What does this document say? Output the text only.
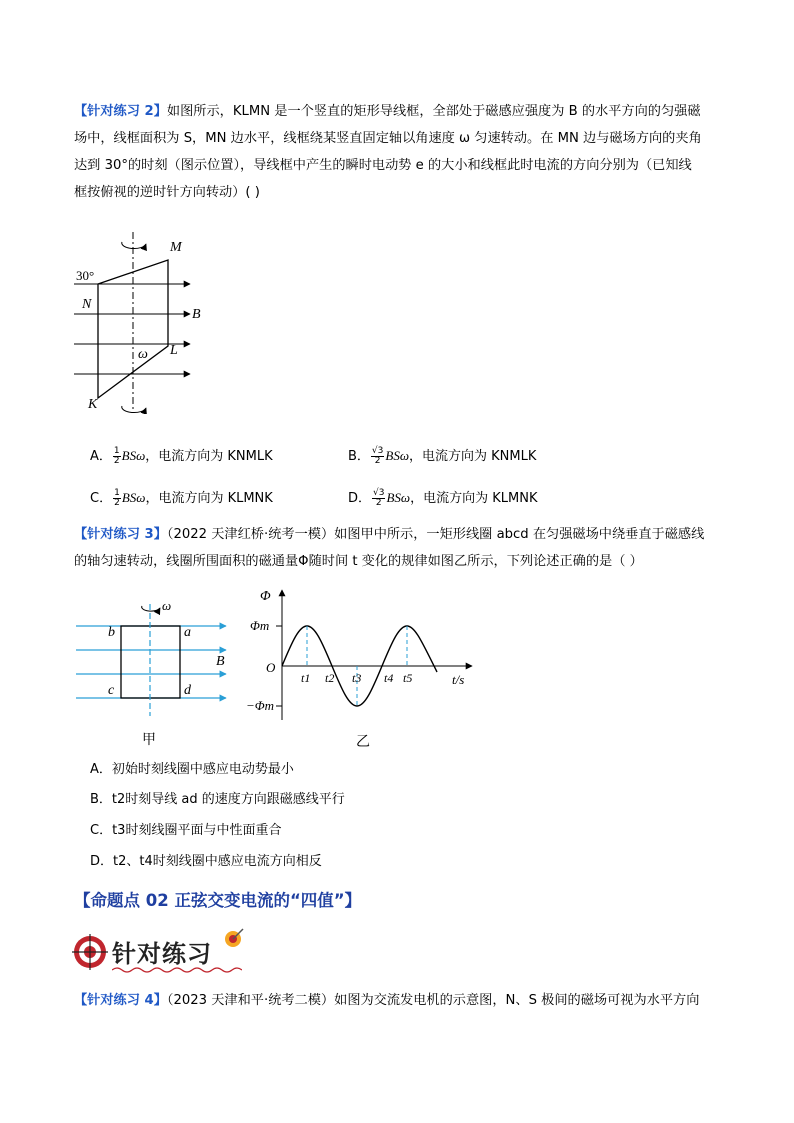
【针对练习 2】如图所示，KLMN 是一个竖直的矩形导线框，全部处于磁感应强度为 B 的水平方向的匀强磁
场中，线框面积为 S，MN 边水平，线框绕某竖直固定轴以角速度 ω 匀速转动。在 MN 边与磁场方向的夹角
达到 30°的时刻（图示位置），导线框中产生的瞬时电动势 e 的大小和线框此时电流的方向分别为（已知线
框按俯视的逆时针方向转动）( )
M
30°
N
B
ω L
K
A． $\frac{1}{2}$ BSω，电流方向为 KNMLK	B． $\frac{√3}{2}$ BSω，电流方向为 KNMLK
C． $\frac{1}{2}$ BSω，电流方向为 KLMNK	D． $\frac{√3}{2}$ BSω，电流方向为 KLMNK
【针对练习 3】（2022 天津红桥·统考一模）如图甲中所示，一矩形线圈 abcd 在匀强磁场中绕垂直于磁感线
的轴匀速转动，线圈所围面积的磁通量Φ随时间 t 变化的规律如图乙所示，下列论述正确的是（ ）
ω
b	a
B
c	d
甲
Φ
Φm
O
−Φm
t1 t2 t3 t4 t5	t/s
乙
A．初始时刻线圈中感应电动势最小
B．t2时刻导线 ad 的速度方向跟磁感线平行
C．t3时刻线圈平面与中性面重合
D．t2、t4时刻线圈中感应电流方向相反
【命题点 02 正弦交变电流的“四值”】
针对练习
【针对练习 4】（2023 天津和平·统考二模）如图为交流发电机的示意图，N、S 极间的磁场可视为水平方向
